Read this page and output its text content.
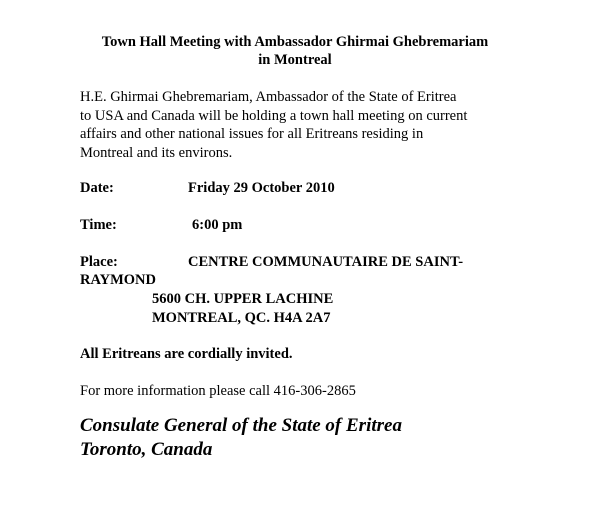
Town Hall Meeting with Ambassador Ghirmai Ghebremariam
in Montreal
H.E. Ghirmai Ghebremariam, Ambassador of the State of Eritrea
to USA and Canada will be holding a town hall meeting on current
affairs and other national issues for all Eritreans residing in
Montreal and its environs.
Date:	Friday 29 October 2010
Time:	6:00 pm
Place:	CENTRE COMMUNAUTAIRE DE SAINT-
RAYMOND
5600 CH. UPPER LACHINE
MONTREAL, QC. H4A 2A7
All Eritreans are cordially invited.
For more information please call 416-306-2865
Consulate General of the State of Eritrea
Toronto, Canada
